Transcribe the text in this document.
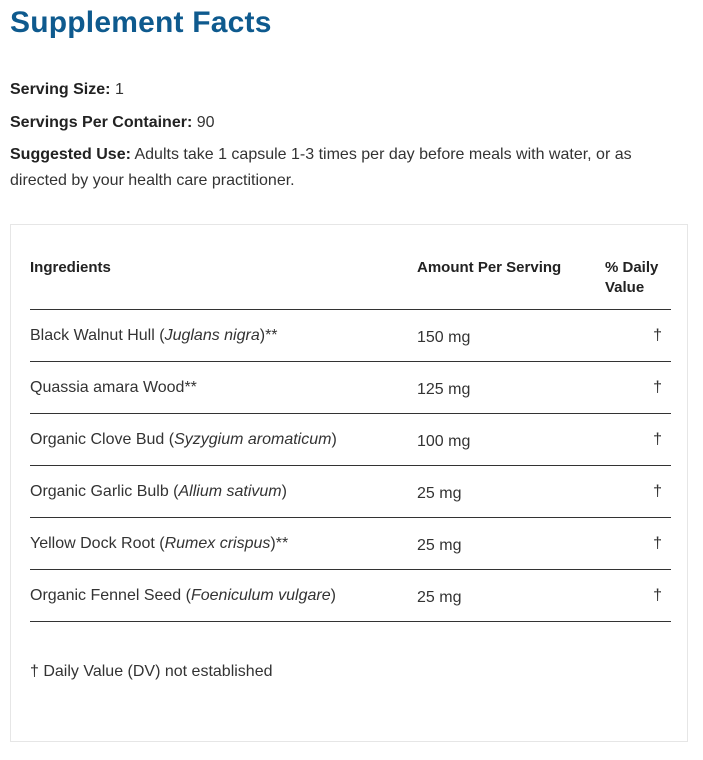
Supplement Facts
Serving Size: 1
Servings Per Container: 90
Suggested Use: Adults take 1 capsule 1-3 times per day before meals with water, or as
directed by your health care practitioner.
Ingredients	Amount Per Serving	% Daily
Value
Black Walnut Hull (Juglans nigra)**	150 mg	†
Quassia amara Wood**	125 mg	†
Organic Clove Bud (Syzygium aromaticum)	100 mg	†
Organic Garlic Bulb (Allium sativum)	25 mg	†
Yellow Dock Root (Rumex crispus)**	25 mg	†
Organic Fennel Seed (Foeniculum vulgare)	25 mg	†
† Daily Value (DV) not established
